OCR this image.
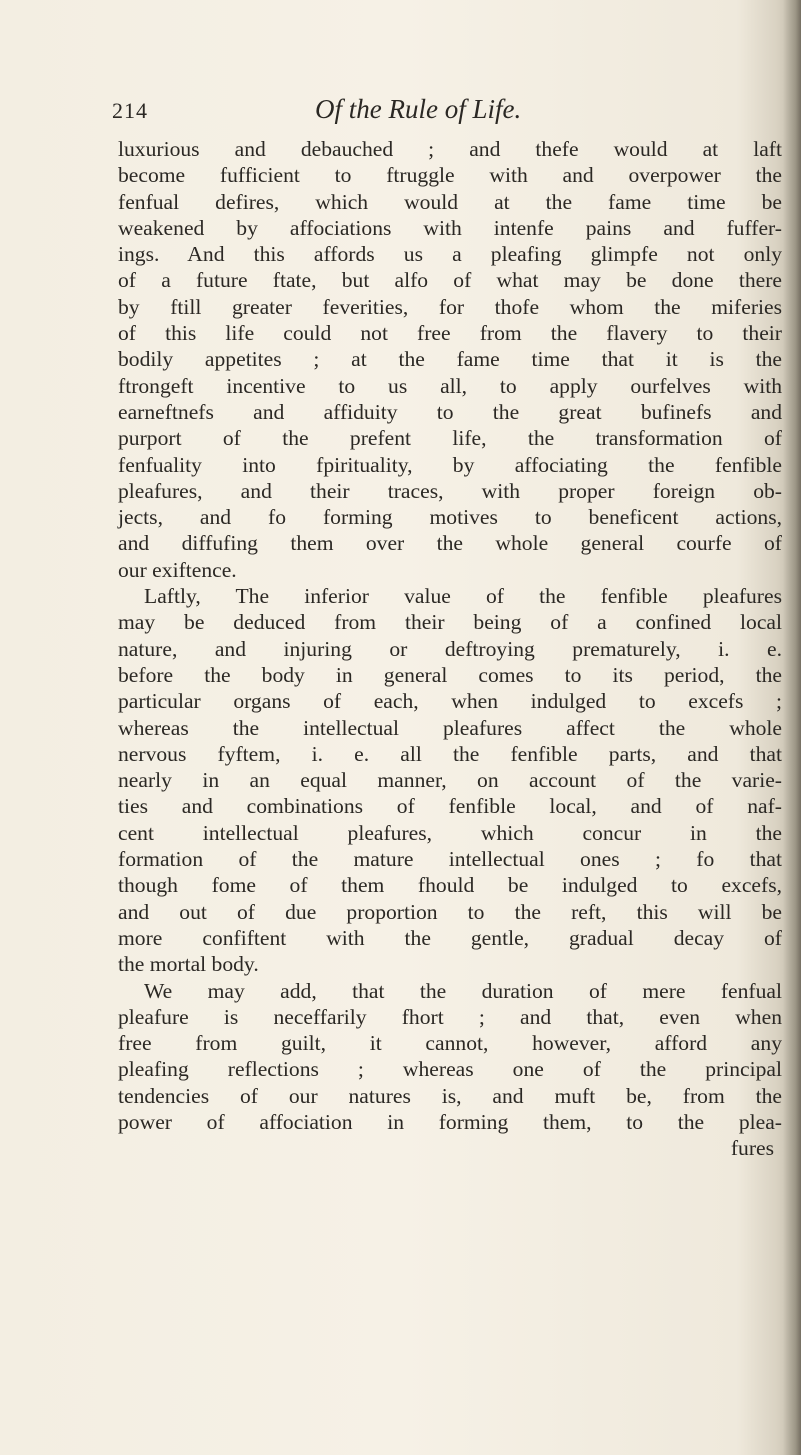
214	Of the Rule of Life.
luxurious and debauched ; and thefe would at laft
become fufficient to ftruggle with and overpower the
fenfual defires, which would at the fame time be
weakened by affociations with intenfe pains and fuffer-
ings. And this affords us a pleafing glimpfe not only
of a future ftate, but alfo of what may be done there
by ftill greater feverities, for thofe whom the miferies
of this life could not free from the flavery to their
bodily appetites ; at the fame time that it is the
ftrongeft incentive to us all, to apply ourfelves with
earneftnefs and affiduity to the great bufinefs and
purport of the prefent life, the transformation of
fenfuality into fpirituality, by affociating the fenfible
pleafures, and their traces, with proper foreign ob-
jects, and fo forming motives to beneficent actions,
and diffufing them over the whole general courfe of
our exiftence.
Laftly, The inferior value of the fenfible pleafures
may be deduced from their being of a confined local
nature, and injuring or deftroying prematurely, i. e.
before the body in general comes to its period, the
particular organs of each, when indulged to excefs ;
whereas the intellectual pleafures affect the whole
nervous fyftem, i. e. all the fenfible parts, and that
nearly in an equal manner, on account of the varie-
ties and combinations of fenfible local, and of naf-
cent intellectual pleafures, which concur in the
formation of the mature intellectual ones ; fo that
though fome of them fhould be indulged to excefs,
and out of due proportion to the reft, this will be
more confiftent with the gentle, gradual decay of
the mortal body.
We may add, that the duration of mere fenfual
pleafure is neceffarily fhort ; and that, even when
free from guilt, it cannot, however, afford any
pleafing reflections ; whereas one of the principal
tendencies of our natures is, and muft be, from the
power of affociation in forming them, to the plea-
fures
